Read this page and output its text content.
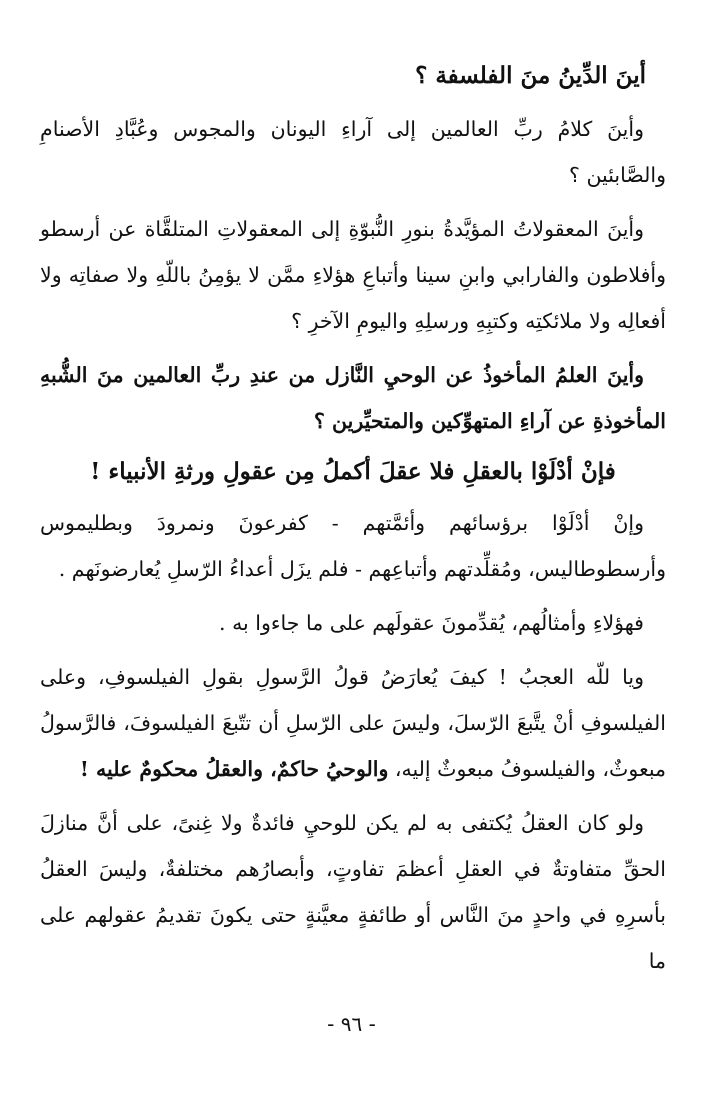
أينَ الدِّينُ منَ الفلسفة ؟

وأينَ كلامُ ربِّ العالمين إلى آراءِ اليونان والمجوس وعُبَّادِ الأصنامِ والصَّابئين ؟

وأينَ المعقولاتُ المؤيَّدةُ بنورِ النُّبوّةِ إلى المعقولاتِ المتلقَّاة عن أرسطو وأفلاطون والفارابي وابنِ سينا وأتباعِ هؤلاءِ ممَّن لا يؤمِنُ باللّهِ ولا صفاتِه ولا أفعالِه ولا ملائكتِه وكتبِهِ ورسلِهِ واليومِ الآخرِ ؟

وأينَ العلمُ المأخوذُ عن الوحيِ النَّازل من عندِ ربِّ العالمين منَ الشُّبهِ المأخوذةِ عن آراءِ المتهوِّكين والمتحيِّرين ؟

فإنْ أدْلَوْا بالعقلِ فلا عقلَ أكملُ مِن عقولِ ورثةِ الأنبياء !

وإنْ أدْلَوْا برؤسائهم وأئمَّتهم - كفرعونَ ونمرودَ وبطليموس وأرسطوطاليس، ومُقلِّدتهم وأتباعِهم - فلم يزَل أعداءُ الرّسلِ يُعارضونَهم .

فهؤلاءِ وأمثالُهم، يُقدِّمونَ عقولَهم على ما جاءوا به .

ويا للّه العجبُ ! كيفَ يُعارَضُ قولُ الرَّسولِ بقولِ الفيلسوفِ، وعلى الفيلسوفِ أنْ يتَّبعَ الرّسلَ، وليسَ على الرّسلِ أن تتّبعَ الفيلسوفَ، فالرَّسولُ مبعوثٌ، والفيلسوفُ مبعوثٌ إليه، والوحيُ حاكمٌ، والعقلُ محكومٌ عليه !

ولو كان العقلُ يُكتفى به لم يكن للوحيِ فائدةٌ ولا غِنىً، على أنَّ منازلَ الحقِّ متفاوتةٌ في العقلِ أعظمَ تفاوتٍ، وأبصارُهم مختلفةٌ، وليسَ العقلُ بأسرِهِ في واحدٍ منَ النَّاس أو طائفةٍ معيَّنةٍ حتى يكونَ تقديمُ عقولهم على ما

- ٩٦ -
